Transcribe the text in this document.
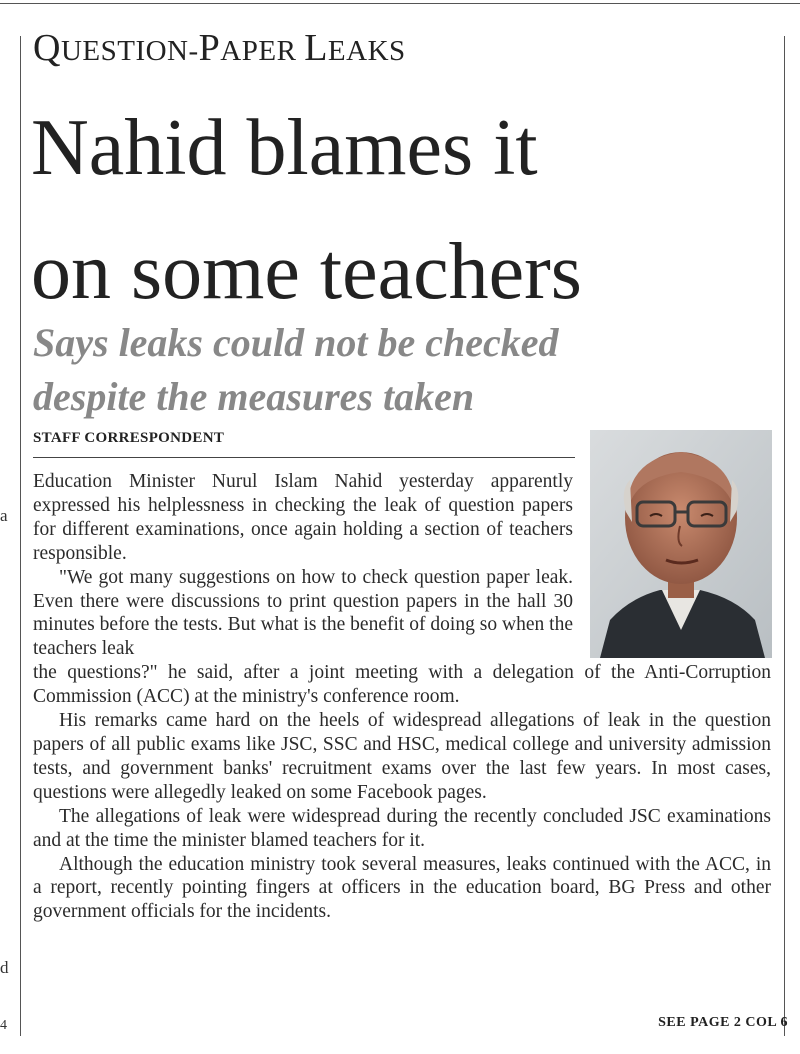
a
d
4
QUESTION-PAPER LEAKS
Nahid blames it
on some teachers
Says leaks could not be checked
despite the measures taken
STAFF CORRESPONDENT

Education Minister Nurul Islam Nahid yesterday apparently expressed his helplessness in checking the leak of question papers for different examinations, once again holding a section of teachers responsible.

"We got many suggestions on how to check question paper leak. Even there were discussions to print question papers in the hall 30 minutes before the tests. But what is the benefit of doing so when the teachers leak

the questions?" he said, after a joint meeting with a delegation of the Anti-Corruption Commission (ACC) at the ministry's conference room.

His remarks came hard on the heels of widespread allegations of leak in the question papers of all public exams like JSC, SSC and HSC, medical college and university admission tests, and government banks' recruitment exams over the last few years. In most cases, questions were allegedly leaked on some Facebook pages.

The allegations of leak were widespread during the recently concluded JSC examinations and at the time the minister blamed teachers for it.

Although the education ministry took several measures, leaks continued with the ACC, in a report, recently pointing fingers at officers in the education board, BG Press and other government officials for the incidents.

SEE PAGE 2 COL 6
